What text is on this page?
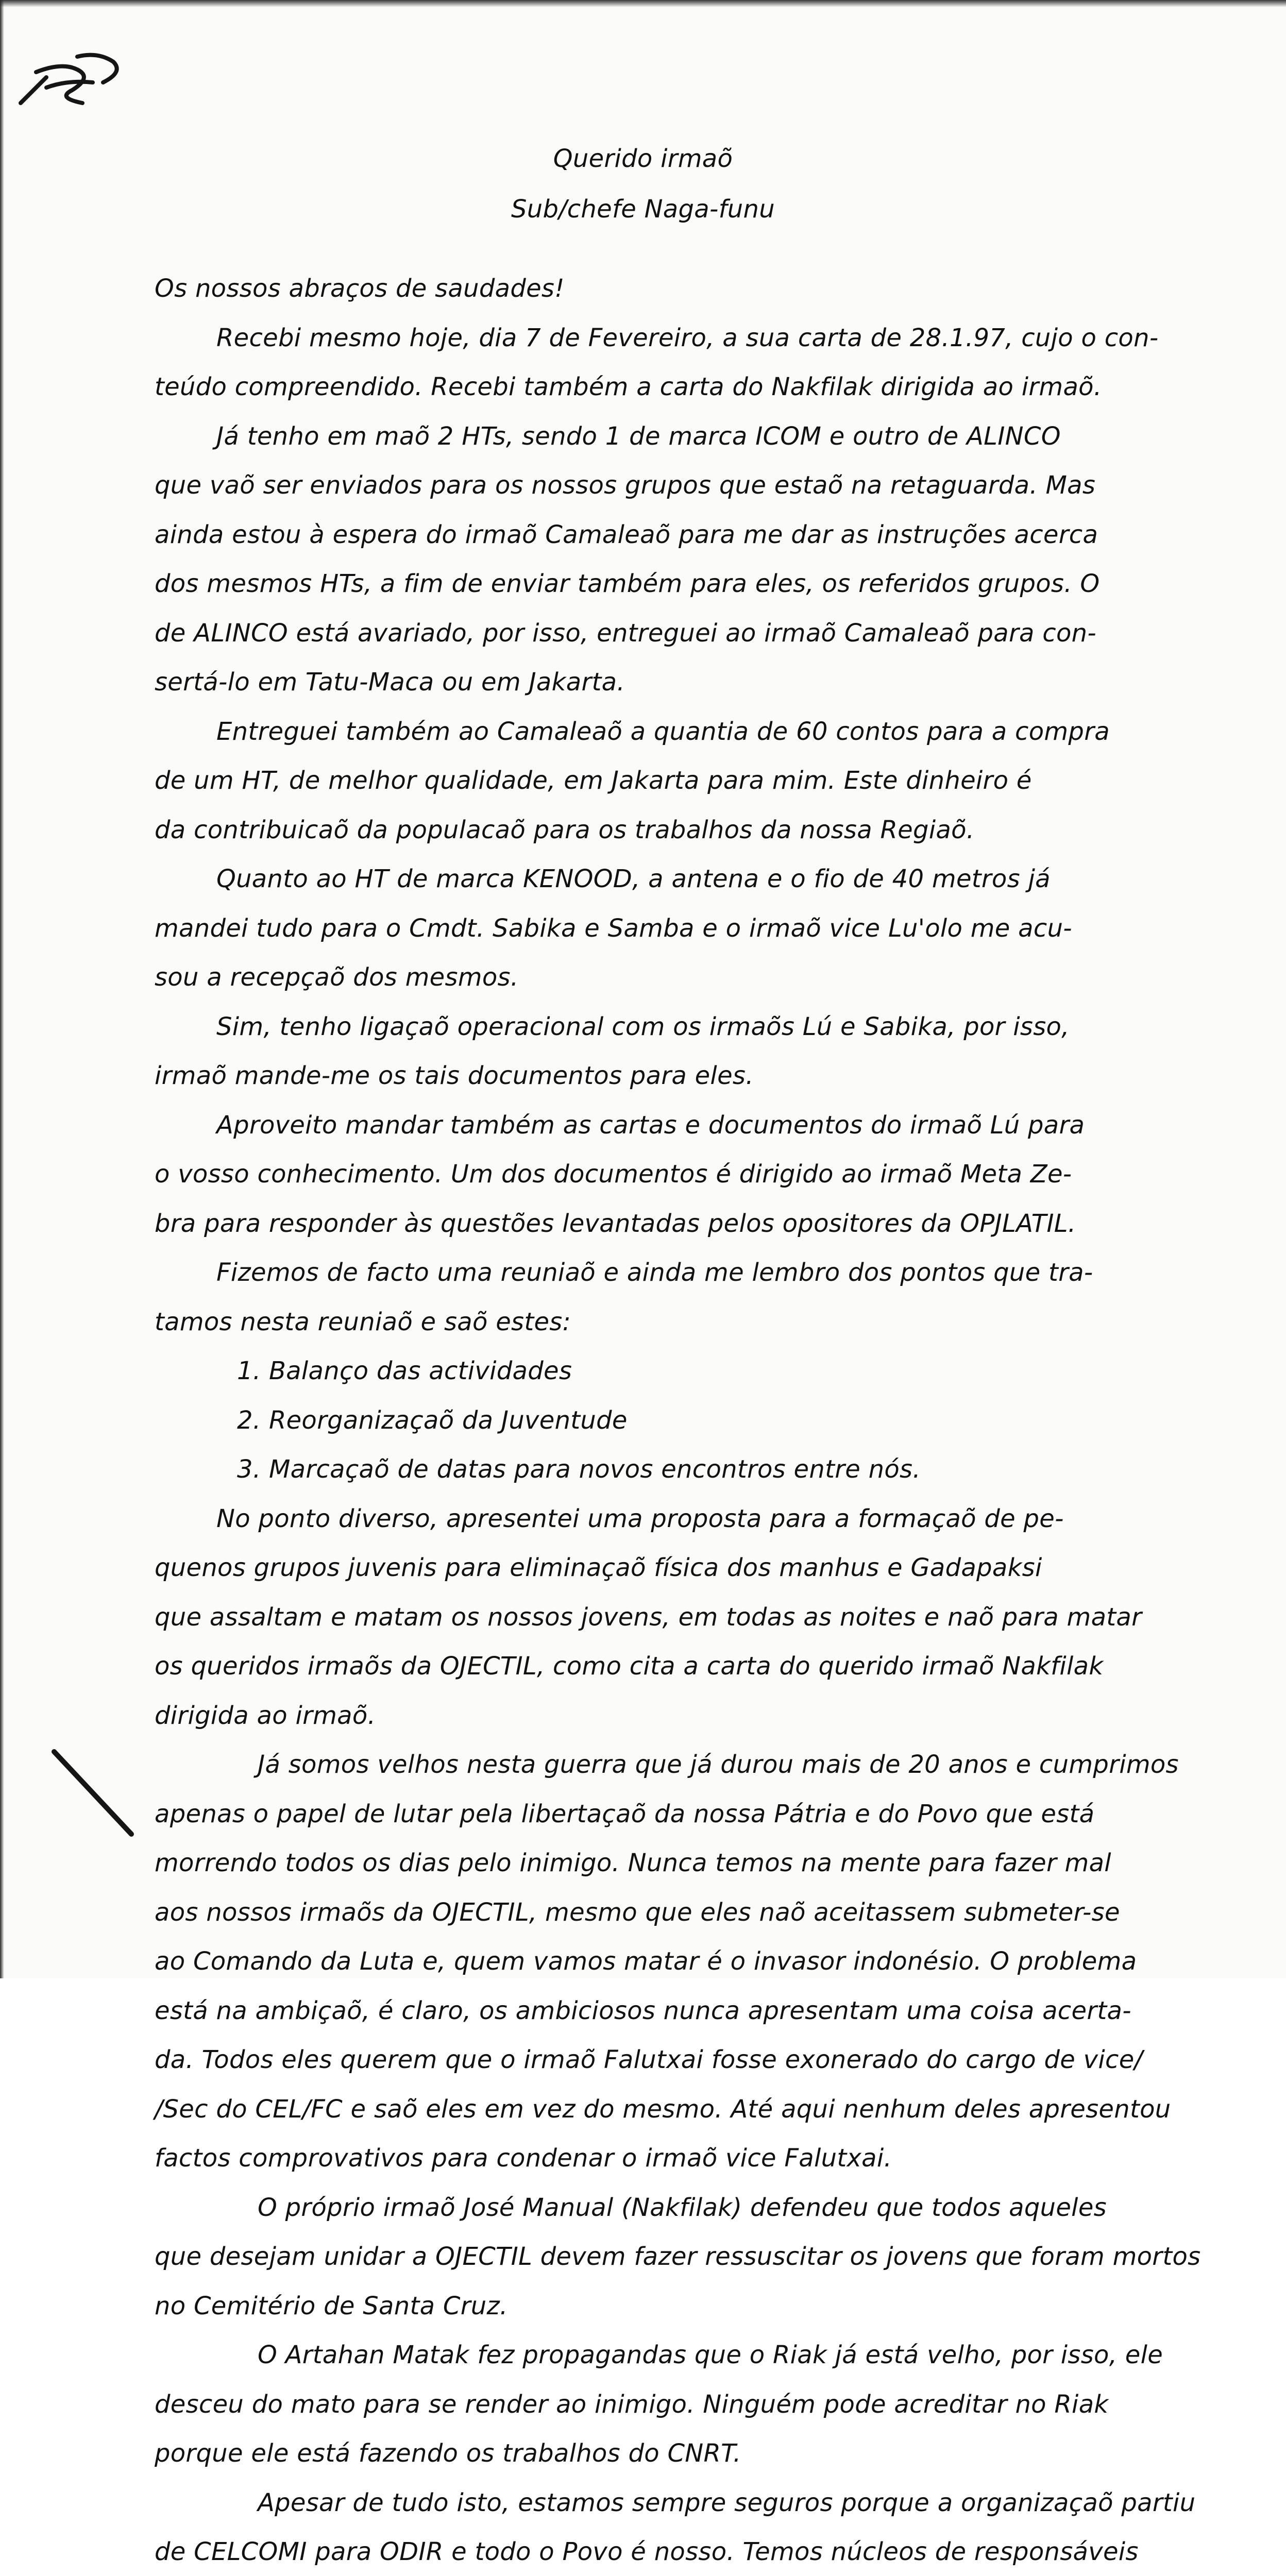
Querido irmaõ
Sub/chefe Naga-funu
Os nossos abraços de saudades!
Recebi mesmo hoje, dia 7 de Fevereiro, a sua carta de 28.1.97, cujo o con-
teúdo compreendido. Recebi também a carta do Nakfilak dirigida ao irmaõ.
Já tenho em maõ 2 HTs, sendo 1 de marca ICOM e outro de ALINCO
que vaõ ser enviados para os nossos grupos que estaõ na retaguarda. Mas
ainda estou à espera do irmaõ Camaleaõ para me dar as instruções acerca
dos mesmos HTs, a fim de enviar também para eles, os referidos grupos. O
de ALINCO está avariado, por isso, entreguei ao irmaõ Camaleaõ para con-
sertá-lo em Tatu-Maca ou em Jakarta.
Entreguei também ao Camaleaõ a quantia de 60 contos para a compra
de um HT, de melhor qualidade, em Jakarta para mim. Este dinheiro é
da contribuicaõ da populacaõ para os trabalhos da nossa Regiaõ.
Quanto ao HT de marca KENOOD, a antena e o fio de 40 metros já
mandei tudo para o Cmdt. Sabika e Samba e o irmaõ vice Lu'olo me acu-
sou a recepçaõ dos mesmos.
Sim, tenho ligaçaõ operacional com os irmaõs Lú e Sabika, por isso,
irmaõ mande-me os tais documentos para eles.
Aproveito mandar também as cartas e documentos do irmaõ Lú para
o vosso conhecimento. Um dos documentos é dirigido ao irmaõ Meta Ze-
bra para responder às questões levantadas pelos opositores da OPJLATIL.
Fizemos de facto uma reuniaõ e ainda me lembro dos pontos que tra-
tamos nesta reuniaõ e saõ estes:
1. Balanço das actividades
2. Reorganizaçaõ da Juventude
3. Marcaçaõ de datas para novos encontros entre nós.
No ponto diverso, apresentei uma proposta para a formaçaõ de pe-
quenos grupos juvenis para eliminaçaõ física dos manhus e Gadapaksi
que assaltam e matam os nossos jovens, em todas as noites e naõ para matar
os queridos irmaõs da OJECTIL, como cita a carta do querido irmaõ Nakfilak
dirigida ao irmaõ.
Já somos velhos nesta guerra que já durou mais de 20 anos e cumprimos
apenas o papel de lutar pela libertaçaõ da nossa Pátria e do Povo que está
morrendo todos os dias pelo inimigo. Nunca temos na mente para fazer mal
aos nossos irmaõs da OJECTIL, mesmo que eles naõ aceitassem submeter-se
ao Comando da Luta e, quem vamos matar é o invasor indonésio. O problema
está na ambiçaõ, é claro, os ambiciosos nunca apresentam uma coisa acerta-
da. Todos eles querem que o irmaõ Falutxai fosse exonerado do cargo de vice/
/Sec do CEL/FC e saõ eles em vez do mesmo. Até aqui nenhum deles apresentou
factos comprovativos para condenar o irmaõ vice Falutxai.
O próprio irmaõ José Manual (Nakfilak) defendeu que todos aqueles
que desejam unidar a OJECTIL devem fazer ressuscitar os jovens que foram mortos
no Cemitério de Santa Cruz.
O Artahan Matak fez propagandas que o Riak já está velho, por isso, ele
desceu do mato para se render ao inimigo. Ninguém pode acreditar no Riak
porque ele está fazendo os trabalhos do CNRT.
Apesar de tudo isto, estamos sempre seguros porque a organizaçaõ partiu
de CELCOMI para ODIR e todo o Povo é nosso. Temos núcleos de responsáveis
